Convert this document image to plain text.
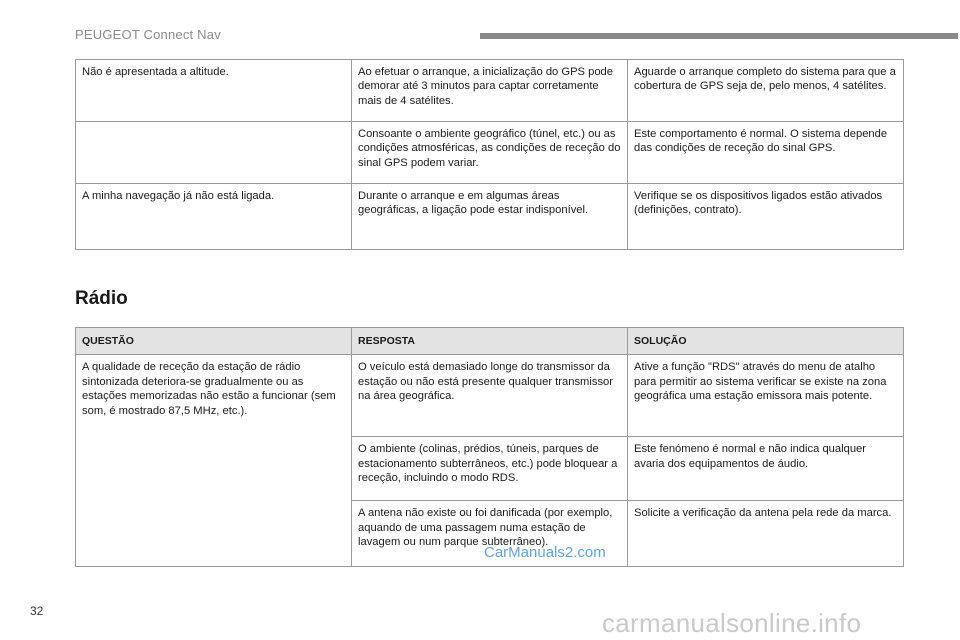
PEUGEOT Connect Nav
Não é apresentada a altitude.	Ao efetuar o arranque, a inicialização do GPS pode demorar até 3 minutos para captar corretamente mais de 4 satélites.	Aguarde o arranque completo do sistema para que a cobertura de GPS seja de, pelo menos, 4 satélites.
	Consoante o ambiente geográfico (túnel, etc.) ou as condições atmosféricas, as condições de receção do sinal GPS podem variar.	Este comportamento é normal. O sistema depende das condições de receção do sinal GPS.
A minha navegação já não está ligada.	Durante o arranque e em algumas áreas geográficas, a ligação pode estar indisponível.	Verifique se os dispositivos ligados estão ativados (definições, contrato).
Rádio
QUESTÃO	RESPOSTA	SOLUÇÃO
A qualidade de receção da estação de rádio sintonizada deteriora-se gradualmente ou as estações memorizadas não estão a funcionar (sem som, é mostrado 87,5 MHz, etc.).	O veículo está demasiado longe do transmissor da estação ou não está presente qualquer transmissor na área geográfica.	Ative a função "RDS" através do menu de atalho para permitir ao sistema verificar se existe na zona geográfica uma estação emissora mais potente.
	O ambiente (colinas, prédios, túneis, parques de estacionamento subterrâneos, etc.) pode bloquear a receção, incluindo o modo RDS.	Este fenómeno é normal e não indica qualquer avaria dos equipamentos de áudio.
	A antena não existe ou foi danificada (por exemplo, aquando de uma passagem numa estação de lavagem ou num parque subterrâneo).	Solicite a verificação da antena pela rede da marca.
32
CarManuals2.com
carmanualsonline.info
